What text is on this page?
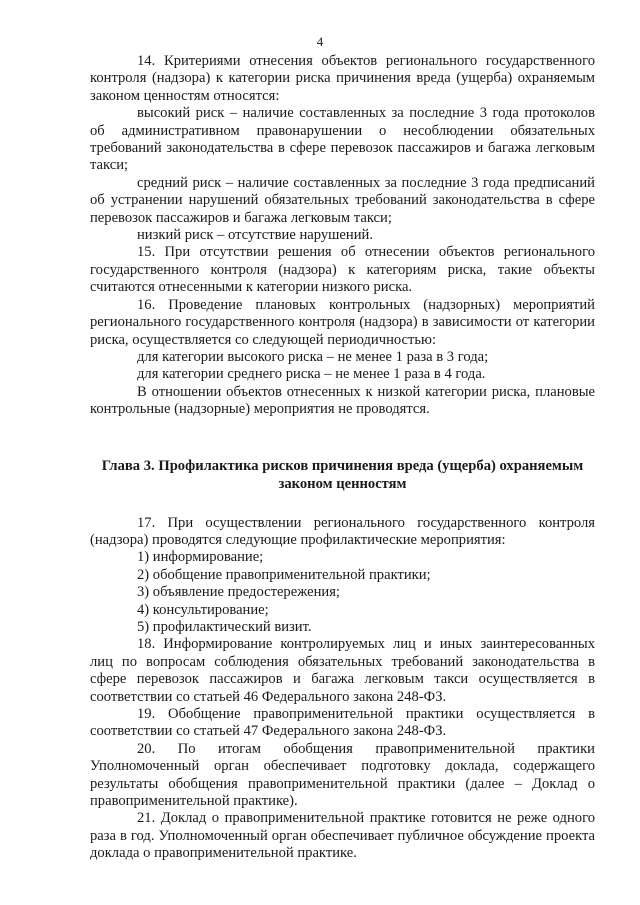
4

14. Критериями отнесения объектов регионального государственного контроля (надзора) к категории риска причинения вреда (ущерба) охраняемым законом ценностям относятся:

высокий риск – наличие составленных за последние 3 года протоколов об административном правонарушении о несоблюдении обязательных требований законодательства в сфере перевозок пассажиров и багажа легковым такси;

средний риск – наличие составленных за последние 3 года предписаний об устранении нарушений обязательных требований законодательства в сфере перевозок пассажиров и багажа легковым такси;

низкий риск – отсутствие нарушений.

15. При отсутствии решения об отнесении объектов регионального государственного контроля (надзора) к категориям риска, такие объекты считаются отнесенными к категории низкого риска.

16. Проведение плановых контрольных (надзорных) мероприятий регионального государственного контроля (надзора) в зависимости от категории риска, осуществляется со следующей периодичностью:

для категории высокого риска – не менее 1 раза в 3 года;

для категории среднего риска – не менее 1 раза в 4 года.

В отношении объектов отнесенных к низкой категории риска, плановые контрольные (надзорные) мероприятия не проводятся.

Глава 3. Профилактика рисков причинения вреда (ущерба) охраняемым законом ценностям

17. При осуществлении регионального государственного контроля (надзора) проводятся следующие профилактические мероприятия:

1) информирование;

2) обобщение правоприменительной практики;

3) объявление предостережения;

4) консультирование;

5) профилактический визит.

18. Информирование контролируемых лиц и иных заинтересованных лиц по вопросам соблюдения обязательных требований законодательства в сфере перевозок пассажиров и багажа легковым такси осуществляется в соответствии со статьей 46 Федерального закона 248-ФЗ.

19. Обобщение правоприменительной практики осуществляется в соответствии со статьей 47 Федерального закона 248-ФЗ.

20. По итогам обобщения правоприменительной практики Уполномоченный орган обеспечивает подготовку доклада, содержащего результаты обобщения правоприменительной практики (далее – Доклад о правоприменительной практике).

21. Доклад о правоприменительной практике готовится не реже одного раза в год. Уполномоченный орган обеспечивает публичное обсуждение проекта доклада о правоприменительной практике.
